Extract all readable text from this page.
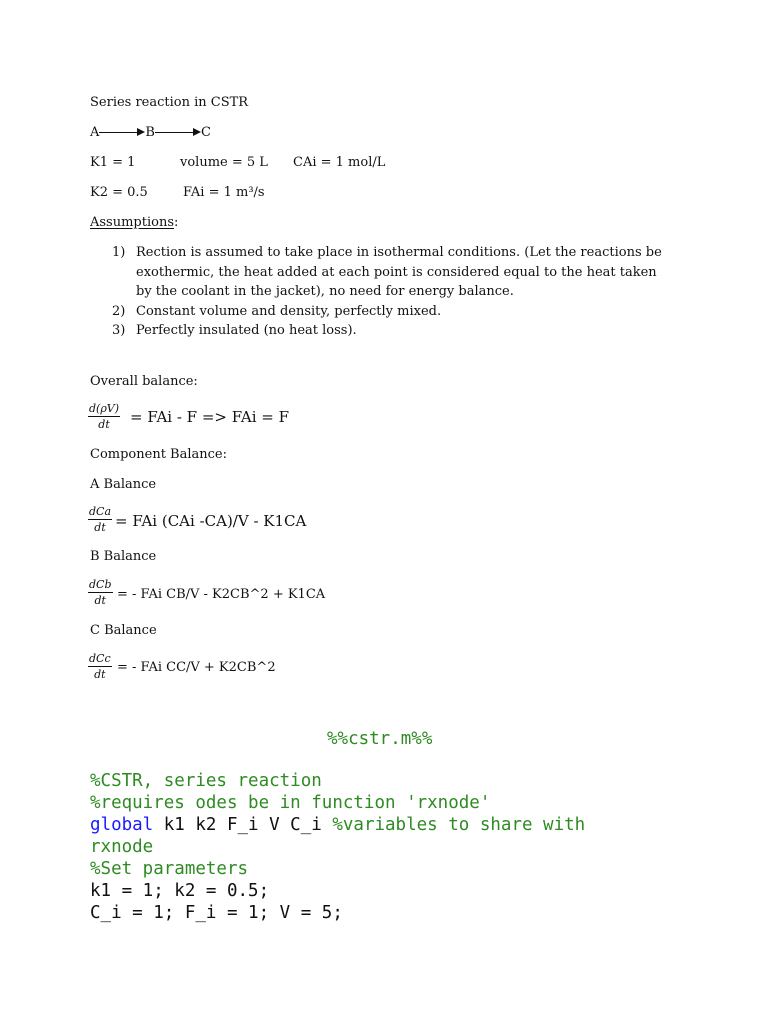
Series reaction in CSTR
A	B	C
K1 = 1	volume = 5 L CAi = 1 mol/L
K2 = 0.5	FAi = 1 m³/s
Assumptions:
1) Rection is assumed to take place in isothermal conditions. (Let the reactions be exothermic, the heat added at each point is considered equal to the heat taken by the coolant in the jacket), no need for energy balance.
2) Constant volume and density, perfectly mixed.
3) Perfectly insulated (no heat loss).
Overall balance:
$\frac{d(\rho V)}{dt}$ = FAi - F => FAi = F
Component Balance:
A Balance
dCa
dt = FAi (CAi -CA)/V - K1CA
B Balance
dCb
dt = - FAi CB/V - K2CB^2 + K1CA
C Balance
dCc
dt = - FAi CC/V + K2CB^2
%%cstr.m%%
%CSTR, series reaction
%requires odes be in function 'rxnode'
global k1 k2 F_i V C_i %variables to share with
rxnode
%Set parameters
k1 = 1; k2 = 0.5;
C_i = 1; F_i = 1; V = 5;
